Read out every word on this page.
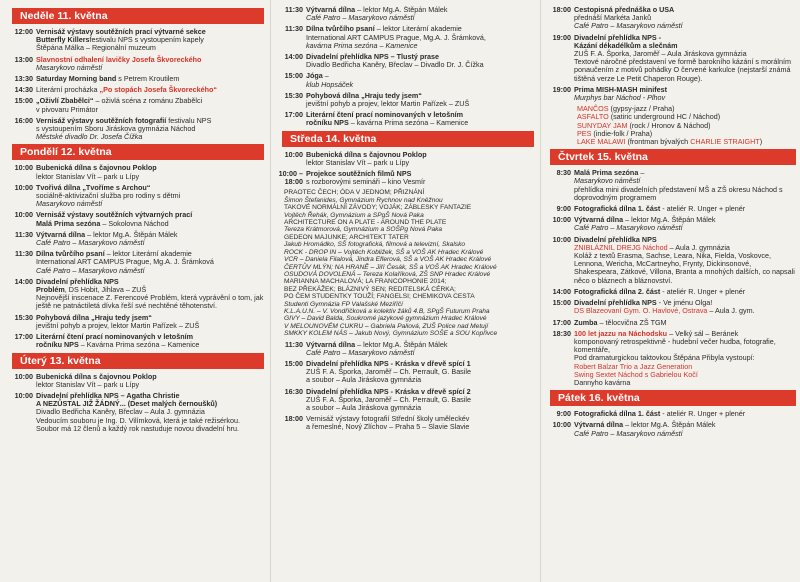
Neděle 11. května
12:00 Vernisáž výstavy soutěžních prací výtvarné sekce
Butterfly Killersfestivalu NPS s vystoupením kapely
Štěpána Málka – Regionální muzeum
13:00 Slavnostní odhalení lavičky Josefa Škvoreckého
Masarykovo náměstí
13:30 Saturday Morning band s Petrem Kroutilem
14:30 Literární procházka „Po stopách Josefa Škvoreckého“
15:00 „Oživlí Zbabělci“ – oživlá scéna z románu Zbabělci
v pivovaru Primátor
16:00 Vernisáž výstavy soutěžních fotografií festivalu NPS
s vystoupením Sboru Jiráskova gymnázia Náchod
Městské divadlo Dr. Josefa Čížka
Pondělí 12. května
10:00 Bubenická dílna s čajovnou Poklop
lektor Stanislav Vít – park u Lípy
10:00 Tvořivá dílna „Tvoříme s Archou“
sociálně-aktivizační služba pro rodiny s dětmi
Masarykovo náměstí
10:00 Vernisáž výstavy soutěžních výtvarných prací
Malá Prima sezóna – Sokolovna Náchod
11:30 Výtvarná dílna – lektor Mg.A. Štěpán Málek
Café Patro – Masarykovo náměstí
11:30 Dílna tvůrčího psaní – lektor Literární akademie
International ART CAMPUS Prague, Mg.A. J. Šrámková
Café Patro – Masarykovo náměstí
14:00 Divadelní přehlídka NPS
Problém, DS Hobit, Jihlava – ZUŠ
Nejnovější inscenace Z. Ferencové Problém, která vyprávění o tom, jak ještě ne patnáctiletá dívka řeší své nechtěné těhotenství.
15:30 Pohybová dílna „Hraju tedy jsem“
jevištní pohyb a projev, lektor Martin Pařízek – ZUŠ
17:00 Literární čtení prací nominovaných v letošním
ročníku NPS – Kavárna Prima sezóna – Kamenice
Úterý 13. května
10:00 Bubenická dílna s čajovnou Poklop
lektor Stanislav Vít – park u Lípy
10:00 Divadelní přehlídka NPS – Agatha Christie
A NEZŮSTAL JIŽ ŽÁDNÝ... (Deset malých černoušků)
Divadlo Bedřicha Kaněry, Břeclav – Aula J. gymnázia
Vedoucím souboru je Ing. D. Vilímková, která je také režisérkou. Soubor má 12 členů a každý rok nastuduje novou divadelní hru.
11:30 Výtvarná dílna – lektor Mg.A. Štěpán Málek
Café Patro – Masarykovo náměstí
11:30 Dílna tvůrčího psaní – lektor Literární akademie
International ART CAMPUS Prague, Mg.A. J. Šrámková,
kavárna Prima sezóna – Kamenice
14:00 Divadelní přehlídka NPS – Tlustý prase
Divadlo Bedřicha Kaněry, Břeclav – Divadlo Dr. J. Čížka
15:00 Jóga –
klub Hopsáček
15:30 Pohybová dílna „Hraju tedy jsem“
jevištní pohyb a projev, lektor Martin Pařízek – ZUŠ
17:00 Literární čtení prací nominovaných v letošním
ročníku NPS – kavárna Prima sezóna – Kamenice
Středa 14. května
10:00 Bubenická dílna s čajovnou Poklop
lektor Stanislav Vít – park u Lípy
10:00 – 18:00
Projekce soutěžních filmů NPS
s rozborovými semináři – kino Vesmír
PRAOTEC ČECH; ÓDA V JEDNOM; PŘIZNÁNÍ
Šimon Štefanides, Gymnázium Rychnov nad Kněžnou
TAKOVÉ NORMÁLNÍ ZÁVODY; VOJÁK; ZÁBLESKY FANTAZIE
Vojtěch Řehák, Gymnázium a SPgŠ Nová Paka
ARCHITECTURE ON A PLATE - AROUND THE PLATE
Tereza Krátmorová, Gymnázium a SOŠPg Nová Paka
GEDEON MAJUNKE; ARCHITEKT TATER
Jakub Hromádko, SŠ fotografická, filmová a televizní, Skalsko
ROCK - DROP IN – Vojtěch Kobližek, SŠ a VOŠ AK Hradec Králové
VCR – Daniela Filalová, Jindra Eflerová, SŠ a VOŠ AK Hradec Králové
ČERTŮV MLÝN; NA HRANĚ – Jiří Česák, SŠ a VOŠ AK Hradec Králové
OSUDOVÁ DOVOLENÁ – Tereza Kolaříková, ZŠ SNP Hradec Králové
MARIANNA MACHALOVÁ; LA FRANCOPHONIE 2014;
BEZ PŘEKÁŽEK; BLÁZNIVÝ SEN; REDITELSKÁ CÉRKA;
PO ČEM STUDENTKY TOUŽÍ; FANGELSI; CHEMIKOVA CESTA
Studenti Gymnázia FP Valašské Meziříčí
K.L.A.U.N. – V. Vondříčková a kolektiv žáků 4.B, SPgŠ Futurum Praha
GIVY – David Balda, Soukromé jazykové gymnázium Hradec Králové
V MELOUNOVÉM CUKRU – Gabriela Paliová, ZUŠ Police nad Metují
SMKKY KOLEM NÁS – Jakub Nový, Gymnázium SOŠE a SOU Kopřivce
11:30 Výtvarná dílna – lektor Mg.A. Štěpán Málek
Café Patro – Masarykovo náměstí
15:00 Divadelní přehlídka NPS - Kráska v dřevě spící 1
ZUŠ F. A. Šporka, Jaroměř – Ch. Perrault, G. Basile
a soubor – Aula Jiráskova gymnázia
16:30 Divadelní přehlídka NPS - Kráska v dřevě spící 2
ZUŠ F. A. Šporka, Jaroměř – Ch. Perrault, G. Basile
a soubor – Aula Jiráskova gymnázia
18:00 Vernisáž výstavy fotografií Střední školy uměleckév
a řemeslné, Nový Zlíchov – Praha 5 – Slavie Slavie
18:00 Cestopisná přednáška o USA
přednáší Markéta Janků
Café Patro – Masarykovo náměstí
19:00 Divadelní přehlídka NPS -
Kázání dékadélkům a slečnám
ZUŠ F. A. Šporka, Jaroměř – Aula Jiráskova gymnázia
Textové náročné představení ve formě barokního kázání s morálním ponaučením z motivů pohádky O červené karkulce (nejstarší známá tištěná verze Le Petit Chaperon Rouge).
19:00 Prima MISH-MASH minifest
Murphys bar Náchod - Plhov
MANĈOS (gypsy-jazz / Praha)
ASFALTO (satiric underground HC / Náchod)
SUNYDAY JAM (rock / Hronov & Náchod)
PES (indie-folk / Praha)
LAKE MALAWI (frontman bývalých CHARLIE STRAIGHT)
Čtvrtek 15. května
8:30 Malá Prima sezóna –
Masarykovo náměstí
přehlídka mini divadelních představení MŠ a ZŠ okresu Náchod s doprovodným programem
9:00 Fotografická dílna 1. část - ateliér R. Unger + plenér
10:00 Výtvarná dílna – lektor Mg.A. Štěpán Málek
Café Patro – Masarykovo náměstí
10:00 Divadelní přehlídka NPS
ZNIBLÁZNIL DREJG Náchod – Aula J. gymnázia
Koláž z textů Erasma, Sachse, Leara, Nika, Fielda, Voskovce, Lennona, Wericha, McCartneyho, Frynty, Dickinsonové, Shakespeara, Zátkové, Villona, Branta a mnohých dalších, co napsali něco o bláznech a bláznovství.
14:00 Fotografická dílna 2. část - ateliér R. Unger + plenér
15:00 Divadelní přehlídka NPS - Ve jménu Olga!
DS Blazeovaní Gym. O. Havlové, Ostrava – Aula J. gym.
17:00 Zumba – tělocvična ZŠ TGM
18:30 100 let jazzu na Náchodsku – Velký sál – Beránek
komponovaný retrospektivně - hudební večer hudba, fotografie, komentáře,
Pod dramaturgickou taktovkou Štěpána Přibyla vystoupí:
Robert Balzar Trio a Jazz Generation
Swing Sextet Náchod s Gabrielou Kočí
Dannyho kavárna
Pátek 16. května
9:00 Fotografická dílna 1. část - ateliér R. Unger + plenér
10:00 Výtvarná dílna – lektor Mg.A. Štěpán Málek
Café Patro – Masarykovo náměstí
